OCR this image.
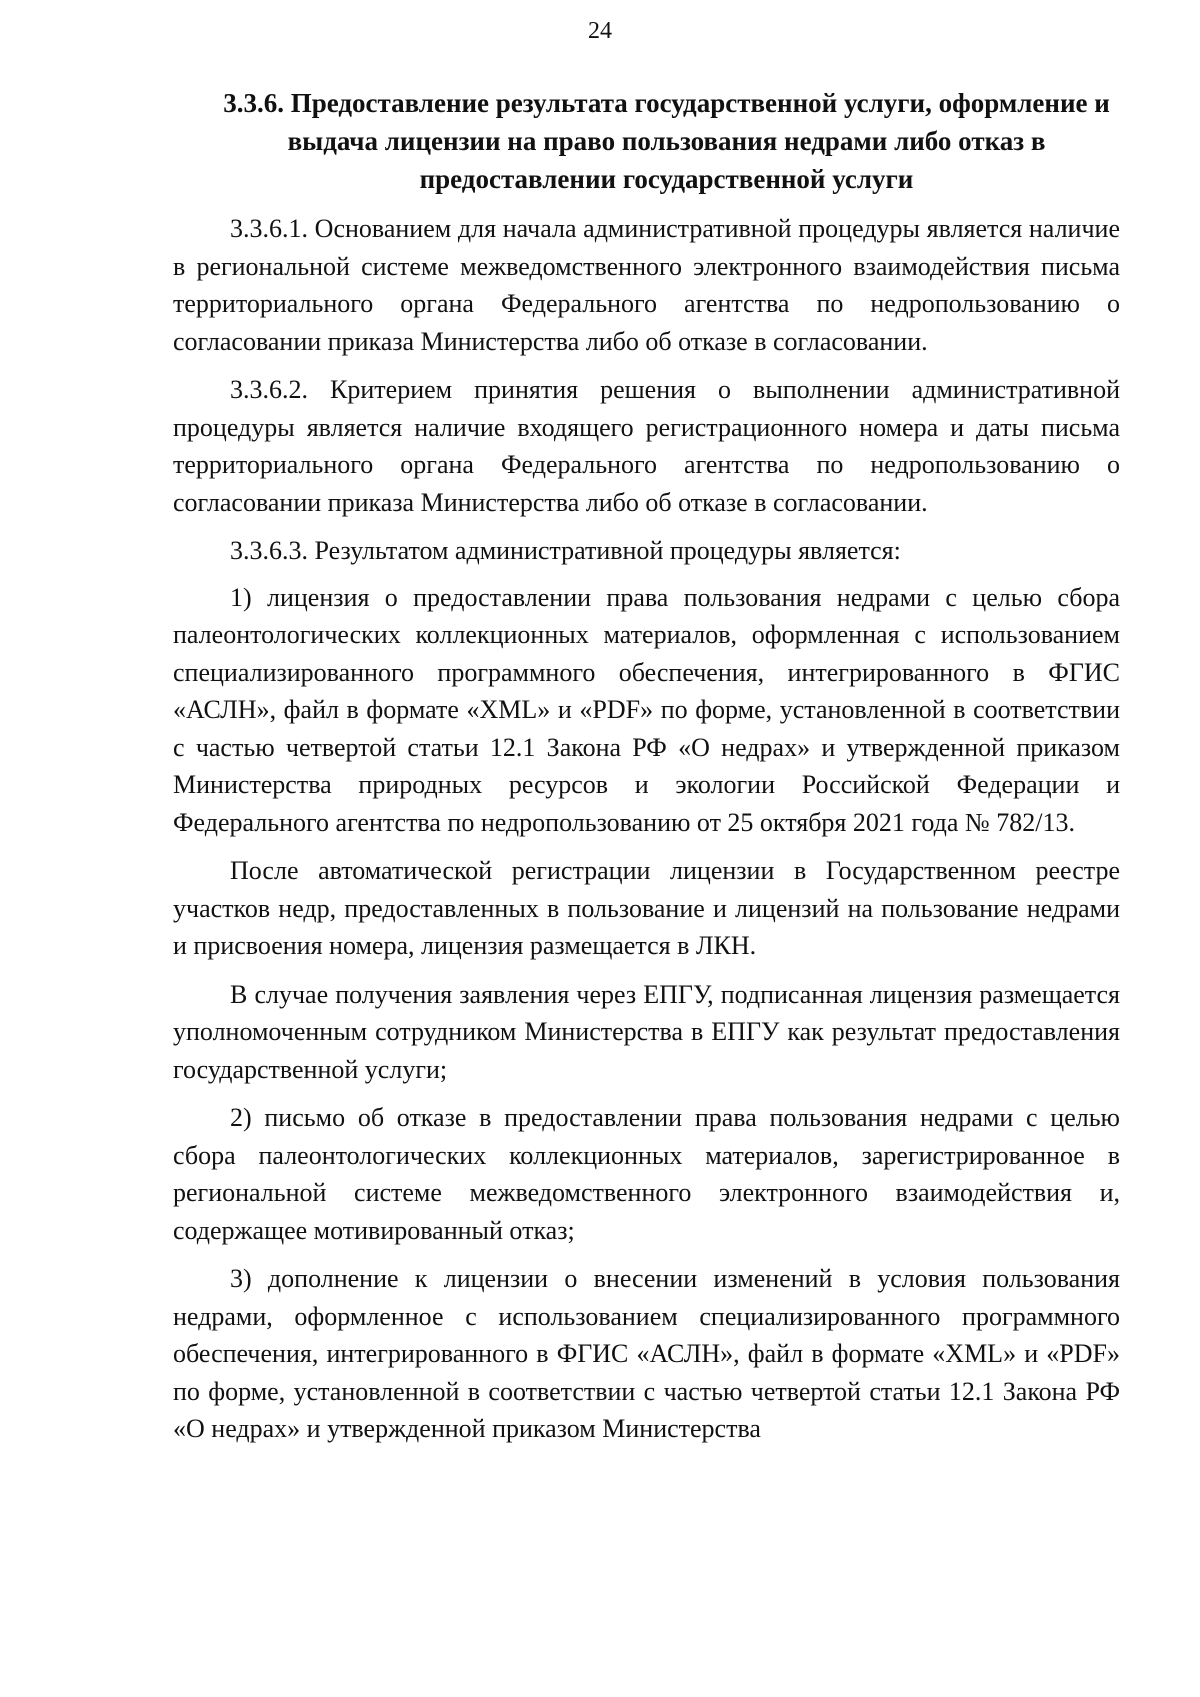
24
3.3.6. Предоставление результата государственной услуги, оформление и выдача лицензии на право пользования недрами либо отказ в предоставлении государственной услуги

3.3.6.1. Основанием для начала административной процедуры является наличие в региональной системе межведомственного электронного взаимодействия письма территориального органа Федерального агентства по недропользованию о согласовании приказа Министерства либо об отказе в согласовании.

3.3.6.2. Критерием принятия решения о выполнении административной процедуры является наличие входящего регистрационного номера и даты письма территориального органа Федерального агентства по недропользованию о согласовании приказа Министерства либо об отказе в согласовании.

3.3.6.3. Результатом административной процедуры является:

1) лицензия о предоставлении права пользования недрами с целью сбора палеонтологических коллекционных материалов, оформленная с использованием специализированного программного обеспечения, интегрированного в ФГИС «АСЛН», файл в формате «XML» и «PDF» по форме, установленной в соответствии с частью четвертой статьи 12.1 Закона РФ «О недрах» и утвержденной приказом Министерства природных ресурсов и экологии Российской Федерации и Федерального агентства по недропользованию от 25 октября 2021 года № 782/13.

После автоматической регистрации лицензии в Государственном реестре участков недр, предоставленных в пользование и лицензий на пользование недрами и присвоения номера, лицензия размещается в ЛКН.

В случае получения заявления через ЕПГУ, подписанная лицензия размещается уполномоченным сотрудником Министерства в ЕПГУ как результат предоставления государственной услуги;

2) письмо об отказе в предоставлении права пользования недрами с целью сбора палеонтологических коллекционных материалов, зарегистрированное в региональной системе межведомственного электронного взаимодействия и, содержащее мотивированный отказ;

3) дополнение к лицензии о внесении изменений в условия пользования недрами, оформленное с использованием специализированного программного обеспечения, интегрированного в ФГИС «АСЛН», файл в формате «XML» и «PDF» по форме, установленной в соответствии с частью четвертой статьи 12.1 Закона РФ «О недрах» и утвержденной приказом Министерства
